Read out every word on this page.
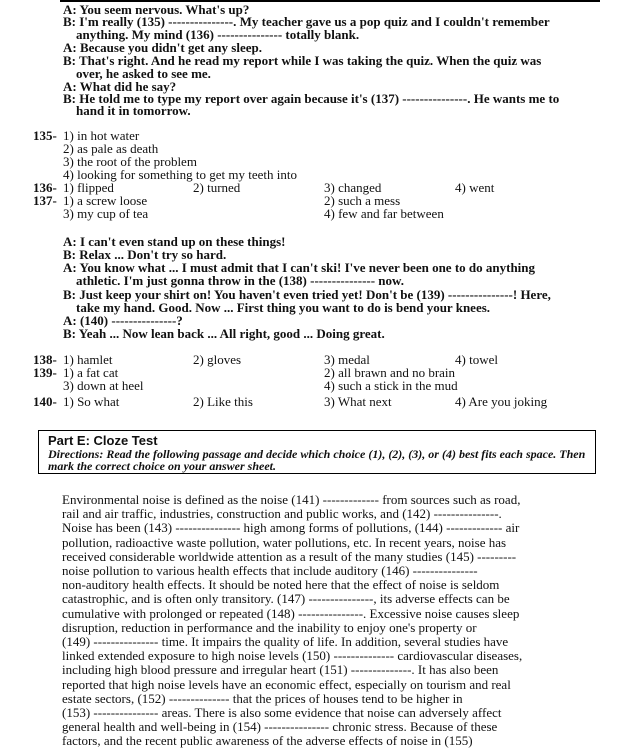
A: You seem nervous. What's up?
B: I'm really (135) ---------------. My teacher gave us a pop quiz and I couldn't remember
anything. My mind (136) --------------- totally blank.
A: Because you didn't get any sleep.
B: That's right. And he read my report while I was taking the quiz. When the quiz was
over, he asked to see me.
A: What did he say?
B: He told me to type my report over again because it's (137) ---------------. He wants me to
hand it in tomorrow.
135- 1) in hot water
2) as pale as death
3) the root of the problem
4) looking for something to get my teeth into
136- 1) flipped	2) turned	3) changed	4) went
137- 1) a screw loose	2) such a mess
3) my cup of tea	4) few and far between
A: I can't even stand up on these things!
B: Relax ... Don't try so hard.
A: You know what ... I must admit that I can't ski! I've never been one to do anything
athletic. I'm just gonna throw in the (138) --------------- now.
B: Just keep your shirt on! You haven't even tried yet! Don't be (139) ---------------! Here,
take my hand. Good. Now ... First thing you want to do is bend your knees.
A: (140) ---------------?
B: Yeah ... Now lean back ... All right, good ... Doing great.
138- 1) hamlet	2) gloves	3) medal	4) towel
139- 1) a fat cat	2) all brawn and no brain
3) down at heel	4) such a stick in the mud
140- 1) So what	2) Like this	3) What next	4) Are you joking
Part E: Cloze Test
Directions: Read the following passage and decide which choice (1), (2), (3), or (4) best fits each space. Then mark the correct choice on your answer sheet.
Environmental noise is defined as the noise (141) ------------- from sources such as road,
rail and air traffic, industries, construction and public works, and (142) ---------------.
Noise has been (143) --------------- high among forms of pollutions, (144) ------------- air
pollution, radioactive waste pollution, water pollutions, etc. In recent years, noise has
received considerable worldwide attention as a result of the many studies (145) ---------
noise pollution to various health effects that include auditory (146) ---------------
non-auditory health effects. It should be noted here that the effect of noise is seldom
catastrophic, and is often only transitory. (147) ---------------, its adverse effects can be
cumulative with prolonged or repeated (148) ---------------. Excessive noise causes sleep
disruption, reduction in performance and the inability to enjoy one's property or
(149) --------------- time. It impairs the quality of life. In addition, several studies have
linked extended exposure to high noise levels (150) -------------- cardiovascular diseases,
including high blood pressure and irregular heart (151) --------------. It has also been
reported that high noise levels have an economic effect, especially on tourism and real
estate sectors, (152) -------------- that the prices of houses tend to be higher in
(153) --------------- areas. There is also some evidence that noise can adversely affect
general health and well-being in (154) --------------- chronic stress. Because of these
factors, and the recent public awareness of the adverse effects of noise in (155)
